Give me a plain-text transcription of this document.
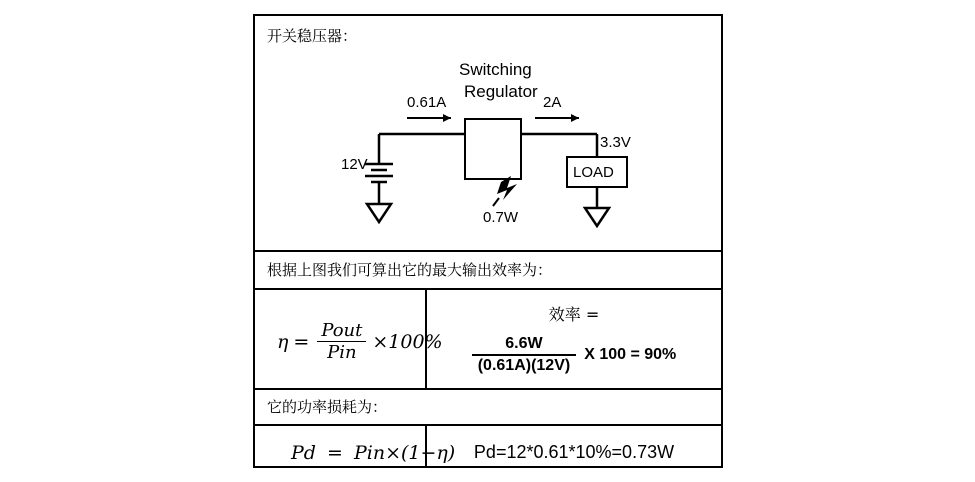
开关稳压器：
Switching
Regulator
0.61A	2A
3.3V
12V
0.7W
LOAD
根据上图我们可算出它的最大输出效率为：
$\eta = \frac{\text{Pout}}{\text{Pin}} \times 100\%$
效率 =
$\frac{6.6W}{(0.61A)(12V)}$ X 100 = 90%
它的功率损耗为：
Pd = Pin×(1−η)	Pd=12*0.61*10%=0.73W
